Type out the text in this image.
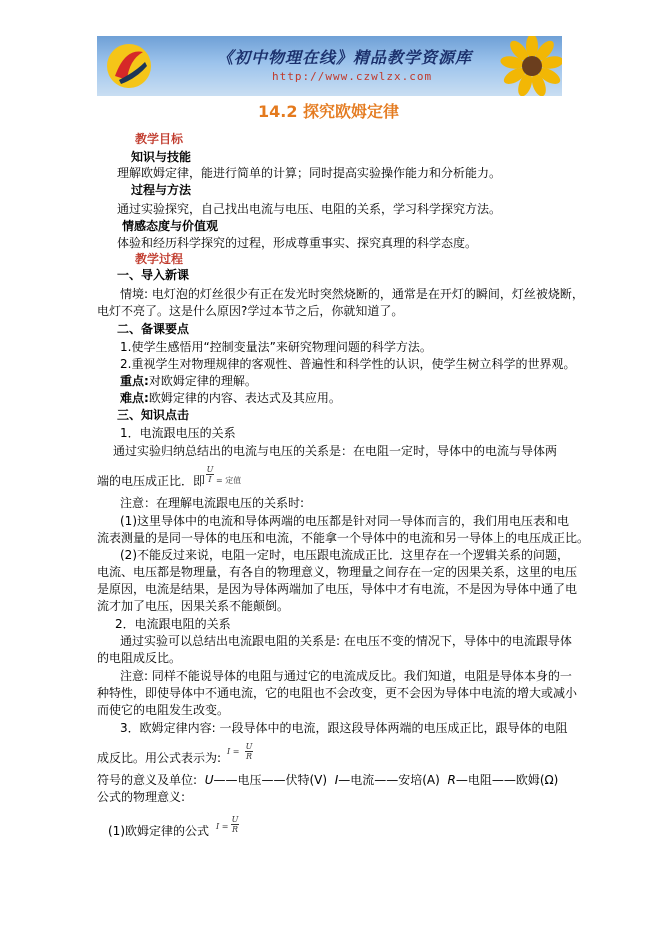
《初中物理在线》精品教学资源库
http://www.czwlzx.com
14.2 探究欧姆定律
教学目标
知识与技能
理解欧姆定律，能进行简单的计算；同时提高实验操作能力和分析能力。
过程与方法
通过实验探究，自己找出电流与电压、电阻的关系，学习科学探究方法。
情感态度与价值观
体验和经历科学探究的过程，形成尊重事实、探究真理的科学态度。
教学过程
一、导入新课
情境: 电灯泡的灯丝很少有正在发光时突然烧断的，通常是在开灯的瞬间，灯丝被烧断，
电灯不亮了。这是什么原因?学过本节之后，你就知道了。
二、备课要点
1.使学生感悟用“控制变量法”来研究物理问题的科学方法。
2.重视学生对物理规律的客观性、普遍性和科学性的认识，使学生树立科学的世界观。
重点:对欧姆定律的理解。
难点:欧姆定律的内容、表达式及其应用。
三、知识点击
1．电流跟电压的关系
通过实验归纳总结出的电流与电压的关系是：在电阻一定时，导体中的电流与导体两
端的电压成正比．即
U
I = 定值
注意：在理解电流跟电压的关系时:
(1)这里导体中的电流和导体两端的电压都是针对同一导体而言的，我们用电压表和电
流表测量的是同一导体的电压和电流，不能拿一个导体中的电流和另一导体上的电压成正比。
(2)不能反过来说，电阻一定时，电压跟电流成正比．这里存在一个逻辑关系的问题，
电流、电压都是物理量，有各自的物理意义，物理量之间存在一定的因果关系，这里的电压
是原因，电流是结果，是因为导体两端加了电压，导体中才有电流，不是因为导体中通了电
流才加了电压，因果关系不能颠倒。
2．电流跟电阻的关系
通过实验可以总结出电流跟电阻的关系是: 在电压不变的情况下，导体中的电流跟导体
的电阻成反比。
注意: 同样不能说导体的电阻与通过它的电流成反比。我们知道，电阻是导体本身的一
种特性，即使导体中不通电流，它的电阻也不会改变，更不会因为导体中电流的增大或减小
而使它的电阻发生改变。
3．欧姆定律内容: 一段导体中的电流，跟这段导体两端的电压成正比，跟导体的电阻
成反比。用公式表示为: I =
U
R
符号的意义及单位: U——电压——伏特(V) I—电流——安培(A) R—电阻——欧姆(Ω)
公式的物理意义:
(1)欧姆定律的公式 I =
U
R
